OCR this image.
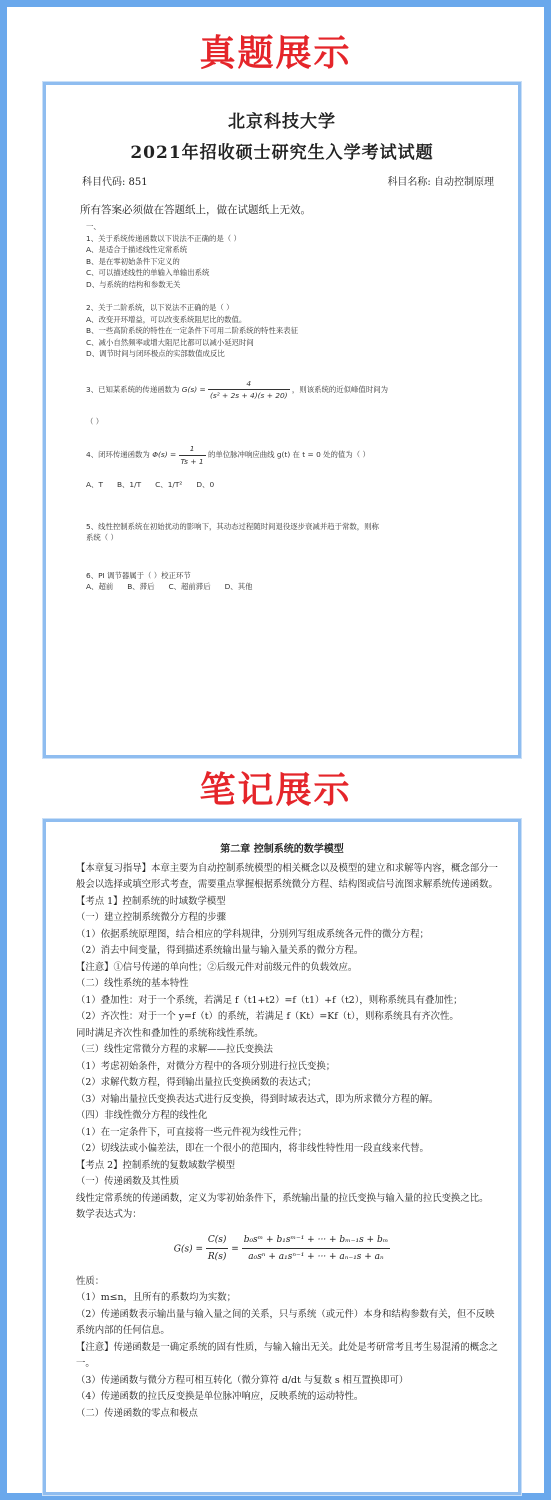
真题展示
北京科技大学
2021年招收硕士研究生入学考试试题
科目代码: 851	科目名称: 自动控制原理
所有答案必须做在答题纸上，做在试题纸上无效。
一、
1、关于系统传递函数以下说法不正确的是（ ）
A、是适合于描述线性定常系统
B、是在零初始条件下定义的
C、可以描述线性的单输入单输出系统
D、与系统的结构和参数无关
2、关于二阶系统，以下说法不正确的是（ ）
A、改变开环增益，可以改变系统阻尼比的数值。
B、一些高阶系统的特性在一定条件下可用二阶系统的特性来表征
C、减小自然频率或增大阻尼比都可以减小延迟时间
D、调节时间与闭环极点的实部数值成反比
3、已知某系统的传递函数为 $G(s) = \frac{4}{\text{(s² + 2s + 4)(s + 20)}}$ ，则该系统的近似峰值时间为
（ ）
4、闭环传递函数为 $\Phi(s) = \frac{1}{Ts + 1}$ 的单位脉冲响应曲线 g(t) 在 t = 0 处的值为（ ）
A、T B、1/T C、1/T² D、0
5、线性控制系统在初始扰动的影响下，其动态过程随时间退役逐步衰减并趋于常数，则称
系统（ ）
6、PI 调节器属于（ ）校正环节
A、超前 B、滞后 C、超前滞后 D、其他
笔记展示
第二章 控制系统的数学模型

【本章复习指导】本章主要为自动控制系统模型的相关概念以及模型的建立和求解等内容，概念部分一般会以选择或填空形式考查，需要重点掌握根据系统微分方程、结构图或信号流图求解系统传递函数。

【考点 1】控制系统的时域数学模型

（一）建立控制系统微分方程的步骤

（1）依据系统原理图，结合相应的学科规律，分别列写组成系统各元件的微分方程；

（2）消去中间变量，得到描述系统输出量与输入量关系的微分方程。

【注意】①信号传递的单向性；②后级元件对前级元件的负载效应。

（二）线性系统的基本特性

（1）叠加性：对于一个系统，若满足 f（t1+t2）=f（t1）+f（t2），则称系统具有叠加性；

（2）齐次性：对于一个 y=f（t）的系统，若满足 f（Kt）=Kf（t），则称系统具有齐次性。

同时满足齐次性和叠加性的系统称线性系统。

（三）线性定常微分方程的求解——拉氏变换法

（1）考虑初始条件，对微分方程中的各项分别进行拉氏变换；

（2）求解代数方程，得到输出量拉氏变换函数的表达式；

（3）对输出量拉氏变换表达式进行反变换，得到时域表达式，即为所求微分方程的解。

（四）非线性微分方程的线性化

（1）在一定条件下，可直接将一些元件视为线性元件；

（2）切线法或小偏差法，即在一个很小的范围内，将非线性特性用一段直线来代替。

【考点 2】控制系统的复数域数学模型

（一）传递函数及其性质

线性定常系统的传递函数，定义为零初始条件下，系统输出量的拉氏变换与输入量的拉氏变换之比。

数学表达式为：

$G(s) = \frac{C(s)}{R(s)} = \frac{\text{b₀sᵐ + b₁sᵐ⁻¹ + ··· + bₘ₋₁s + bₘ}}{\text{a₀sⁿ + a₁sⁿ⁻¹ + ··· + aₙ₋₁s + aₙ}}$

性质：

（1）m≤n，且所有的系数均为实数；

（2）传递函数表示输出量与输入量之间的关系，只与系统（或元件）本身和结构参数有关，但不反映系统内部的任何信息。

【注意】传递函数是一确定系统的固有性质，与输入输出无关。此处是考研常考且考生易混淆的概念之一。

（3）传递函数与微分方程可相互转化（微分算符 d/dt 与复数 s 相互置换即可）

（4）传递函数的拉氏反变换是单位脉冲响应，反映系统的运动特性。

（二）传递函数的零点和极点
